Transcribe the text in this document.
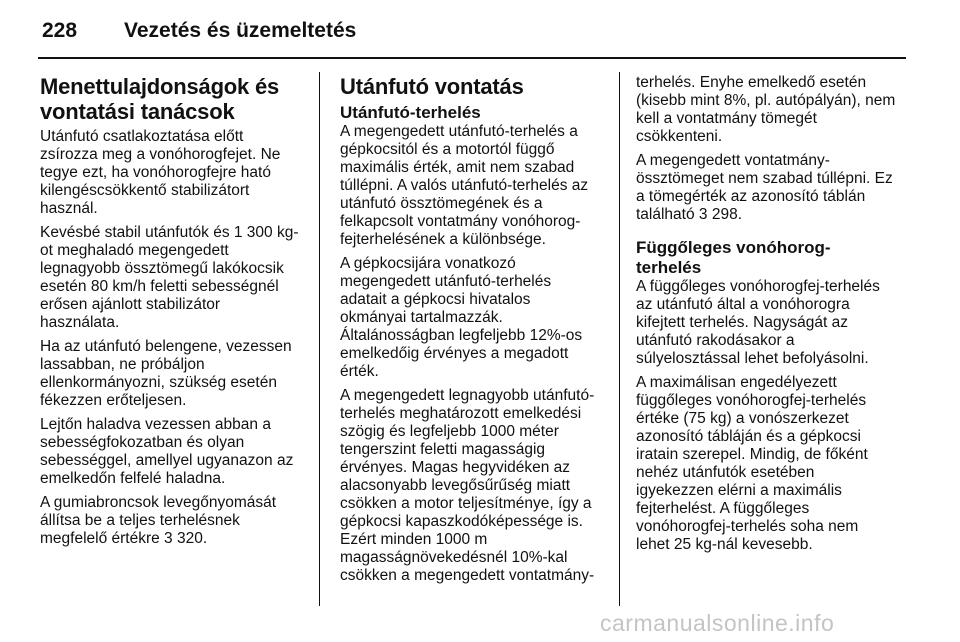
228 Vezetés és üzemeltetés
Menettulajdonságok és
vontatási tanácsok

Utánfutó csatlakoztatása előtt
zsírozza meg a vonóhorogfejet. Ne
tegye ezt, ha vonóhorogfejre ható
kilengéscsökkentő stabilizátort
használ.

Kevésbé stabil utánfutók és 1 300 kg-
ot meghaladó megengedett
legnagyobb össztömegű lakókocsik
esetén 80 km/h feletti sebességnél
erősen ajánlott stabilizátor
használata.

Ha az utánfutó belengene, vezessen
lassabban, ne próbáljon
ellenkormányozni, szükség esetén
fékezzen erőteljesen.

Lejtőn haladva vezessen abban a
sebességfokozatban és olyan
sebességgel, amellyel ugyanazon az
emelkedőn felfelé haladna.

A gumiabroncsok levegőnyomását
állítsa be a teljes terhelésnek
megfelelő értékre 3 320.

Utánfutó vontatás
Utánfutó-terhelés

A megengedett utánfutó-terhelés a
gépkocsitól és a motortól függő
maximális érték, amit nem szabad
túllépni. A valós utánfutó-terhelés az
utánfutó össztömegének és a
felkapcsolt vontatmány vonóhorog-
fejterhelésének a különbsége.

A gépkocsijára vonatkozó
megengedett utánfutó-terhelés
adatait a gépkocsi hivatalos
okmányai tartalmazzák.
Általánosságban legfeljebb 12%-os
emelkedőig érvényes a megadott
érték.

A megengedett legnagyobb utánfutó-
terhelés meghatározott emelkedési
szögig és legfeljebb 1000 méter
tengerszint feletti magasságig
érvényes. Magas hegyvidéken az
alacsonyabb levegősűrűség miatt
csökken a motor teljesítménye, így a
gépkocsi kapaszkodóképessége is.
Ezért minden 1000 m
magasságnövekedésnél 10%-kal
csökken a megengedett vontatmány-

terhelés. Enyhe emelkedő esetén
(kisebb mint 8%, pl. autópályán), nem
kell a vontatmány tömegét
csökkenteni.

A megengedett vontatmány-
össztömeget nem szabad túllépni. Ez
a tömegérték az azonosító táblán
található 3 298.

Függőleges vonóhorog-
terhelés

A függőleges vonóhorogfej-terhelés
az utánfutó által a vonóhorogra
kifejtett terhelés. Nagyságát az
utánfutó rakodásakor a
súlyelosztással lehet befolyásolni.

A maximálisan engedélyezett
függőleges vonóhorogfej-terhelés
értéke (75 kg) a vonószerkezet
azonosító tábláján és a gépkocsi
iratain szerepel. Mindig, de főként
nehéz utánfutók esetében
igyekezzen elérni a maximális
fejterhelést. A függőleges
vonóhorogfej-terhelés soha nem
lehet 25 kg-nál kevesebb.

carmanualsonline.info
